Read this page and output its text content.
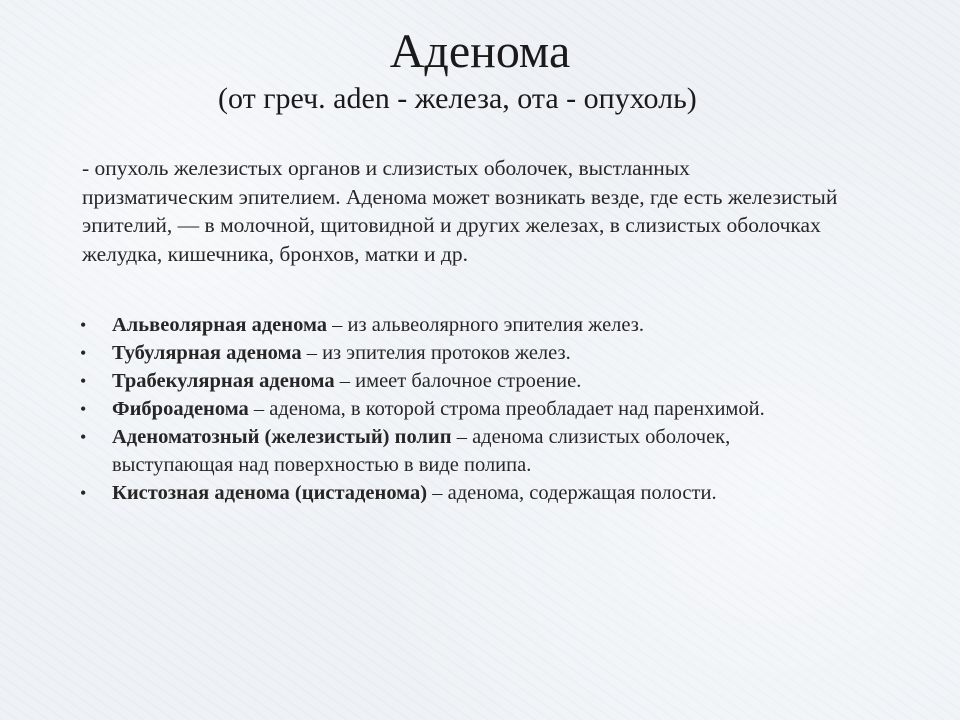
Аденома

(от греч. aden - железа, ота - опухоль)

- опухоль железистых органов и слизистых оболочек, выстланных призматическим эпителием. Аденома может возникать везде, где есть железистый эпителий, — в молочной, щитовидной и других железах, в слизистых оболочках желудка, кишечника, бронхов, матки и др.

• Альвеолярная аденома – из альвеолярного эпителия желез.
• Тубулярная аденома – из эпителия протоков желез.
• Трабекулярная аденома – имеет балочное строение.
• Фиброаденома – аденома, в которой строма преобладает над паренхимой.
• Аденоматозный (железистый) полип – аденома слизистых оболочек, выступающая над поверхностью в виде полипа.
• Кистозная аденома (цистаденома) – аденома, содержащая полости.
